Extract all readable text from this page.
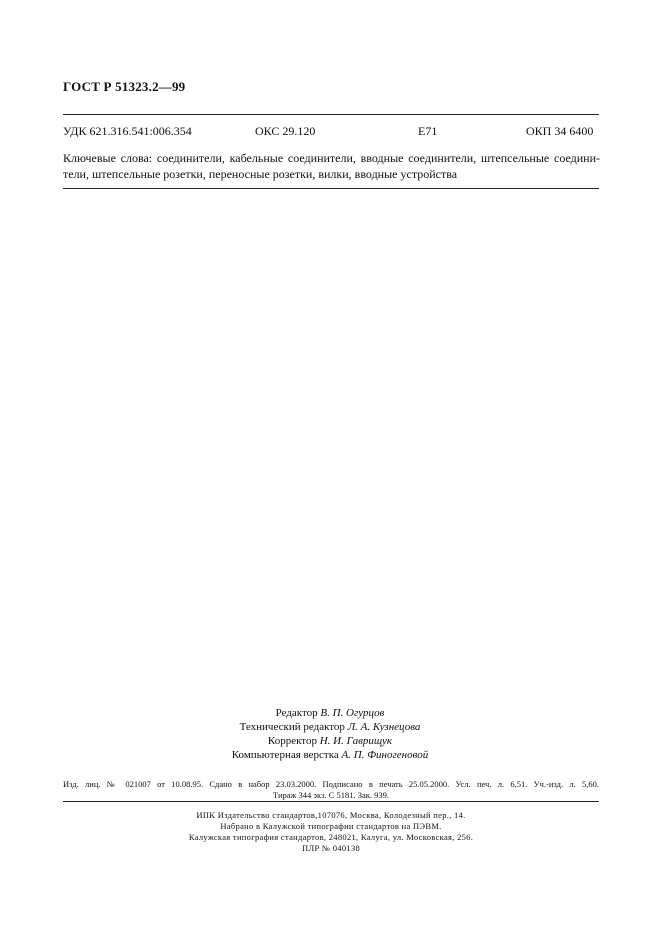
ГОСТ Р 51323.2—99
УДК 621.316.541:006.354	ОКС 29.120	Е71	ОКП 34 6400
Ключевые слова: соединители, кабельные соединители, вводные соединители, штепсельные соедини-
тели, штепсельные розетки, переносные розетки, вилки, вводные устройства
Редактор В. П. Огурцов
Технический редактор Л. А. Кузнецова
Корректор Н. И. Гаврищук
Компьютерная верстка А. П. Финогеновой
Изд. лиц. № 021007 от 10.08.95. Сдано в набор 23.03.2000. Подписано в печать 25.05.2000. Усл. печ. л. 6,51. Уч.-изд. л. 5,60.
Тираж 344 экз. С 5181. Зак. 939.
ИПК Издательство стандартов,107076, Москва, Колодезный пер., 14.
Набрано в Калужской типографии стандартов на ПЭВМ.
Калужская типография стандартов, 248021, Калуга, ул. Московская, 256.
ПЛР № 040138
